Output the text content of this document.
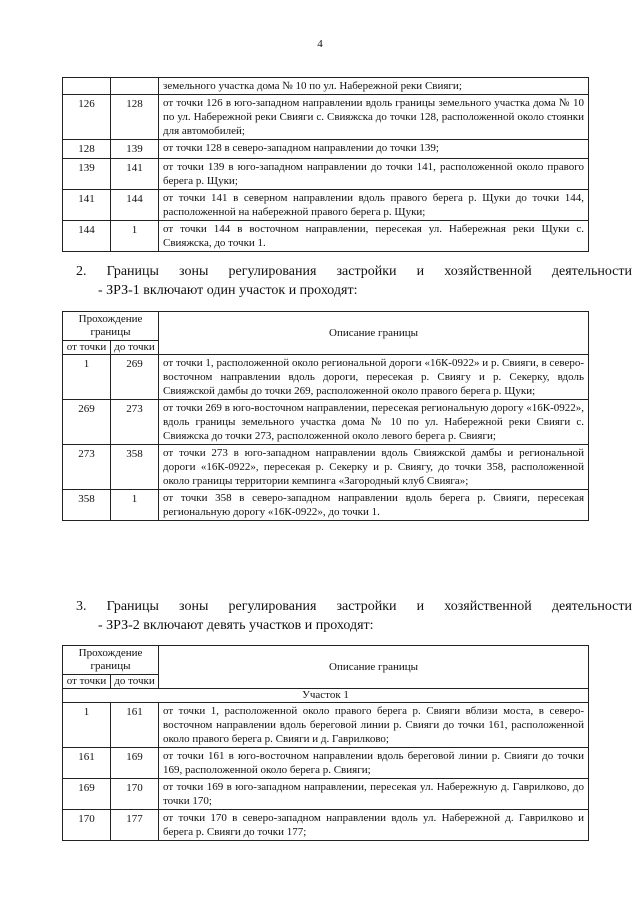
4
		земельного участка дома № 10 по ул. Набережной реки Свияги;
126	128	от точки 126 в юго-западном направлении вдоль границы земельного участка дома № 10 по ул. Набережной реки Свияги с. Свияжска до точки 128, расположенной около стоянки для автомобилей;
128	139	от точки 128 в северо-западном направлении до точки 139;
139	141	от точки 139 в юго-западном направлении до точки 141, расположенной около правого берега р. Щуки;
141	144	от точки 141 в северном направлении вдоль правого берега р. Щуки до точки 144, расположенной на набережной правого берега р. Щуки;
144	1	от точки 144 в восточном направлении, пересекая ул. Набережная реки Щуки с. Свияжска, до точки 1.
2. Границы зоны регулирования застройки и хозяйственной деятельности
- ЗРЗ-1 включают один участок и проходят:
Прохождение границы		Описание границы
от точки	до точки	
1	269	от точки 1, расположенной около региональной дороги «16К-0922» и р. Свияги, в северо-восточном направлении вдоль дороги, пересекая р. Свиягу и р. Секерку, вдоль Свияжской дамбы до точки 269, расположенной около правого берега р. Щуки;
269	273	от точки 269 в юго-восточном направлении, пересекая региональную дорогу «16К-0922», вдоль границы земельного участка дома № 10 по ул. Набережной реки Свияги с. Свияжска до точки 273, расположенной около левого берега р. Свияги;
273	358	от точки 273 в юго-западном направлении вдоль Свияжской дамбы и региональной дороги «16К-0922», пересекая р. Секерку и р. Свиягу, до точки 358, расположенной около границы территории кемпинга «Загородный клуб Свияга»;
358	1	от точки 358 в северо-западном направлении вдоль берега р. Свияги, пересекая региональную дорогу «16К-0922», до точки 1.
3. Границы зоны регулирования застройки и хозяйственной деятельности
- ЗРЗ-2 включают девять участков и проходят:
Прохождение границы		Описание границы
от точки	до точки	
Участок 1		
1	161	от точки 1, расположенной около правого берега р. Свияги вблизи моста, в северо-восточном направлении вдоль береговой линии р. Свияги до точки 161, расположенной около правого берега р. Свияги и д. Гаврилково;
161	169	от точки 161 в юго-восточном направлении вдоль береговой линии р. Свияги до точки 169, расположенной около берега р. Свияги;
169	170	от точки 169 в юго-западном направлении, пересекая ул. Набережную д. Гаврилково, до точки 170;
170	177	от точки 170 в северо-западном направлении вдоль ул. Набережной д. Гаврилково и берега р. Свияги до точки 177;
